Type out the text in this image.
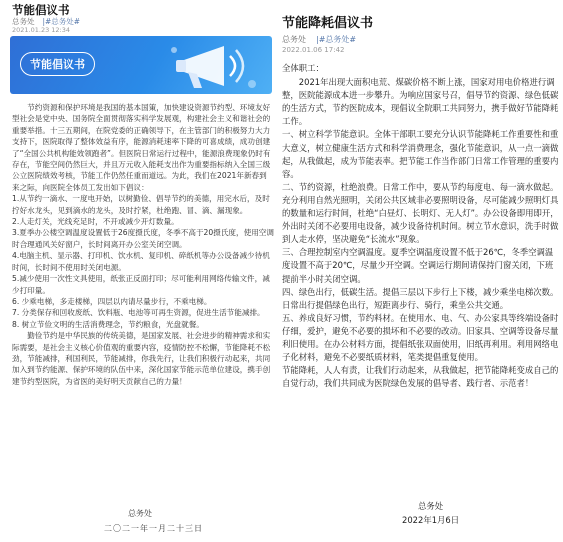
节能倡议书
总务处 |#总务处#
2021.01.23 12:34
节能倡议书

节约资源和保护环境是我国的基本国策，加快建设资源节约型、环境友好型社会是党中央、国务院全面贯彻落实科学发展观，构建社会主义和谐社会的重要举措。十三五期间，在院党委的正确领导下，在主管部门的积极努力大力支持下，医院取得了整体效益有序，能源消耗速率下降的可喜成绩，成功创建了“全国公共机构能效领跑者”。但医院日常运行过程中，能源浪费现象仍时有存在，节能空间仍然巨大，并且万元收入能耗支出作为重要指标纳入全国三级公立医院绩效考核，节能工作仍然任重而道远。为此，我们在2021年新春到来之际，向医院全体员工发出如下倡议：

1.从节约一滴水、一度电开始，以树勤俭、倡导节约的美德，用完水后，及时拧好水龙头，见到滴水的龙头，及时拧紧，杜绝跑、冒、滴、漏现象。

2.人走灯关，光线充足时，不开或减少开灯数量。

3.夏季办公楼空调温度设置低于26度摄氏度，冬季不高于20摄氏度，使用空调时合理通风关好窗户，长时间离开办公室关闭空调。

4.电脑主机、显示器、打印机、饮水机、复印机、碎纸机等办公设备减少待机时间，长时间不使用时关闭电源。

5.减少使用一次性文具使用，纸张正反面打印；尽可能利用网络传输文件，减少打印量。

6. 少乘电梯，多走楼梯，四层以内请尽量步行，不乘电梯。

7. 分类保存和回收废纸、饮料瓶、电池等可再生资源，促进生活节能减排。

8. 树立节俭文明的生活消费理念，节约粮食，光盘就餐。

勤俭节约是中华民族的传统美德，是国家发展、社会进步的精神需求和实际需要，是社会主义核心价值观的重要内容，疫情防控不松懈，节能降耗不松劲，节能减排，利国利民，节能减排，你我先行，让我们积极行动起来，共同加入到节约能源、保护环境的队伍中来，深化国家节能示范单位建设，携手创建节约型医院，为省医的美好明天贡献自己的力量！

总务处
二〇二一年一月二十三日
节能降耗倡议书
总务处 |#总务处#
2022.01.06 17:42

全体职工：

2021年出现大面积电荒、煤碳价格不断上涨，国家对用电价格进行调整，医院能源成本进一步攀升。为响应国家号召，倡导节约资源、绿色低碳的生活方式，节约医院成本，现倡议全院职工共同努力，携手做好节能降耗工作。

一、树立科学节能意识。全体干部职工要充分认识节能降耗工作重要性和重大意义，树立健康生活方式和科学消费理念，强化节能意识，从一点一滴做起，从我做起，成为节能表率。把节能工作当作部门日常工作管理的重要内容。

二、节约资源，杜绝浪费。日常工作中，要从节约每度电、每一滴水做起。充分利用自然光照明，关闭公共区域非必要照明设备，尽可能减少照明灯具的数量和运行时间，杜绝“白昼灯、长明灯、无人灯”。办公设备即用即开，外出时关闭不必要用电设备，减少设备待机时间。树立节水意识，洗手时做到人走水停，坚决避免“长流水”现象。

三、合理控制室内空调温度。夏季空调温度设置不低于26℃，冬季空调温度设置不高于20℃，尽量少开空调。空调运行期间请保持门窗关闭，下班提前半小时关闭空调。

四、绿色出行，低碳生活。提倡三层以下步行上下楼，减少乘坐电梯次数。日常出行提倡绿色出行，短距离步行、骑行，乘坐公共交通。

五、养成良好习惯，节约料材。在使用水、电、气、办公家具等终端设备时仔细，爱护，避免不必要的损坏和不必要的改动。旧家具、空调等设备尽量利旧使用。在办公材料方面，提倡纸张双面使用，旧纸再利用。利用网络电子化材料，避免不必要纸质材料，笔类提倡重复使用。

节能降耗，人人有责，让我们行动起来，从我做起，把节能降耗变成自己的自觉行动，我们共同成为医院绿色发展的倡导者、践行者、示范者！

总务处
2022年1月6日
